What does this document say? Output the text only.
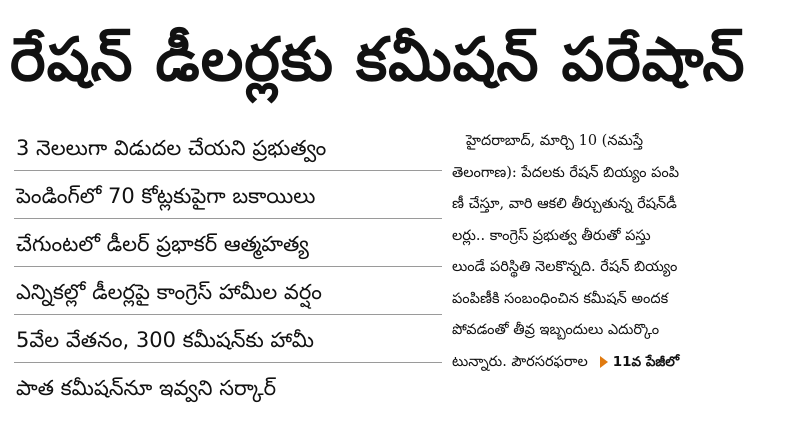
రేషన్ డీలర్లకు కమీషన్ పరేషాన్
3 నెలలుగా విడుదల చేయని ప్రభుత్వం
పెండింగ్‌లో 70 కోట్లకుపైగా బకాయిలు
చేగుంటలో డీలర్ ప్రభాకర్ ఆత్మహత్య
ఎన్నికల్లో డీలర్లపై కాంగ్రెస్ హామీల వర్షం
5వేల వేతనం, 300 కమీషన్‌కు హామీ
పాత కమీషన్‌నూ ఇవ్వని సర్కార్
హైదరాబాద్, మార్చి 10 (నమస్తే
తెలంగాణ): పేదలకు రేషన్ బియ్యం పంపి
ణీ చేస్తూ, వారి ఆకలి తీర్చుతున్న రేషన్‌డీ
లర్లు.. కాంగ్రెస్ ప్రభుత్వ తీరుతో పస్తు
లుండే పరిస్థితి నెలకొన్నది. రేషన్ బియ్యం
పంపిణీకి సంబంధించిన కమీషన్ అందక
పోవడంతో తీవ్ర ఇబ్బందులు ఎదుర్కొం
టున్నారు. పౌరసరఫరాల 11వ పేజీలో
